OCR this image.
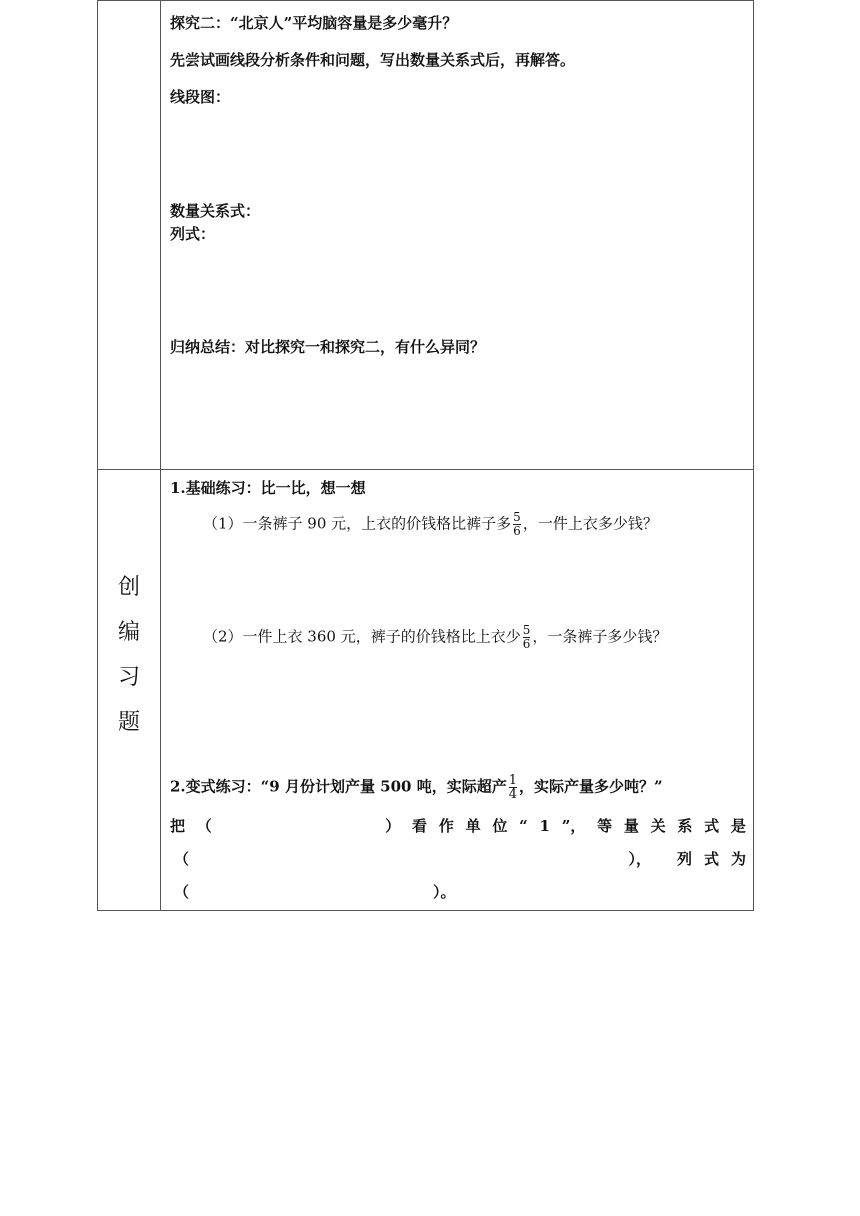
探究二：“北京人”平均脑容量是多少毫升？
先尝试画线段分析条件和问题，写出数量关系式后，再解答。
线段图：
数量关系式：
列式：
归纳总结：对比探究一和探究二，有什么异同？
创
编
习
题
1.基础练习：比一比，想一想
（1）一条裤子 90 元，上衣的价钱格比裤子多 $\frac{5}{6}$ ，一件上衣多少钱？
（2）一件上衣 360 元，裤子的价钱格比上衣少 $\frac{5}{6}$ ，一条裤子多少钱？
2.变式练习：“9 月份计划产量 500 吨，实际超产 $\frac{1}{4}$ ，实际产量多少吨？”
把 （	） 看 作 单 位 “ 1 ”， 等 量 关 系 式 是
（	）， 列 式 为
（	）。
